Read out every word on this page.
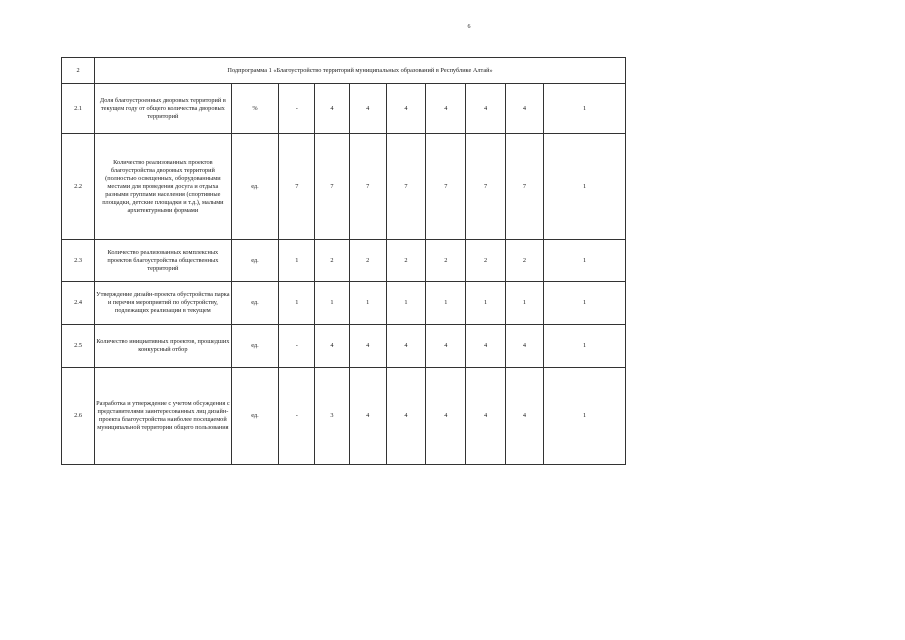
6
2	Подпрограмма 1 «Благоустройство территорий муниципальных образований в Республике Алтай»									
2.1	Доля благоустроенных дворовых территорий в текущем году от общего количества дворовых территорий	%	-	4	4	4	4	4	4	1
2.2	Количество реализованных проектов благоустройства дворовых территорий (полностью освещенных, оборудованными местами для проведения досуга и отдыха разными группами населения (спортивные площадки, детские площадки и т.д.), малыми архитектурными формами	ед.	7	7	7	7	7	7	7	1
2.3	Количество реализованных комплексных проектов благоустройства общественных территорий	ед.	1	2	2	2	2	2	2	1
2.4	Утверждение дизайн-проекта обустройства парка и перечня мероприятий по обустройству, подлежащих реализации в текущем	ед.	1	1	1	1	1	1	1	1
2.5	Количество инициативных проектов, прошедших конкурсный отбор	ед.	-	4	4	4	4	4	4	1
2.6	Разработка и утверждение с учетом обсуждения с представителями заинтересованных лиц дизайн-проекта благоустройства наиболее посещаемой муниципальной территории общего пользования	ед.	-	3	4	4	4	4	4	1
